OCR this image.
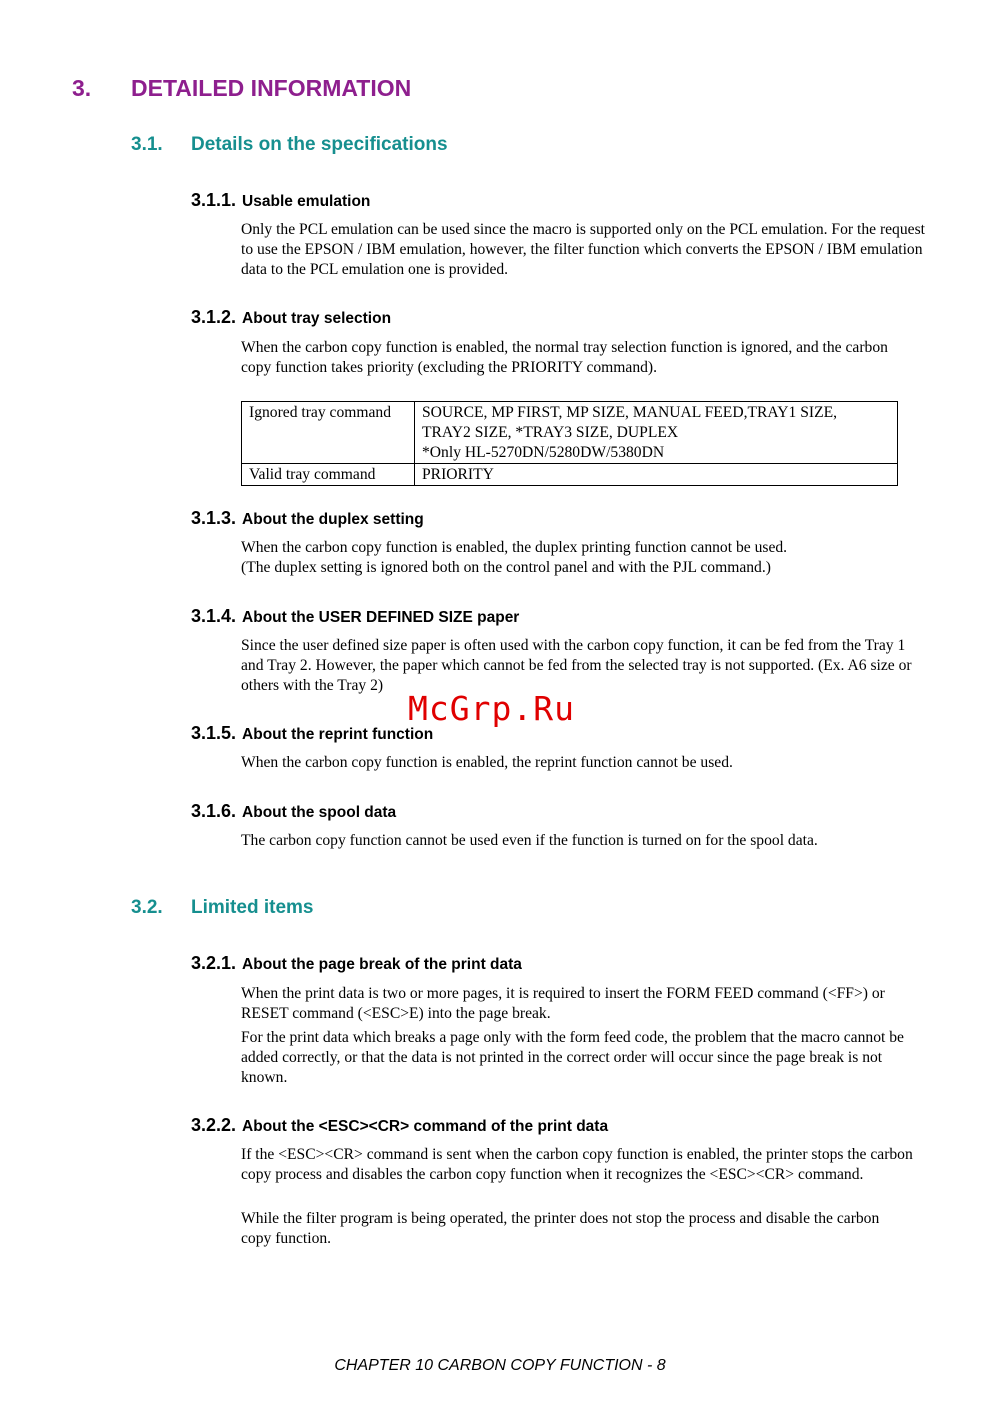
3. DETAILED INFORMATION
3.1. Details on the specifications
3.1.1. Usable emulation

Only the PCL emulation can be used since the macro is supported only on the PCL emulation. For the request to use the EPSON / IBM emulation, however, the filter function which converts the EPSON / IBM emulation data to the PCL emulation one is provided.

3.1.2. About tray selection

When the carbon copy function is enabled, the normal tray selection function is ignored, and the carbon copy function takes priority (excluding the PRIORITY command).

Ignored tray command	SOURCE, MP FIRST, MP SIZE, MANUAL FEED,TRAY1 SIZE,
TRAY2 SIZE, *TRAY3 SIZE, DUPLEX
*Only HL-5270DN/5280DW/5380DN

Valid tray command	PRIORITY
3.1.3. About the duplex setting
When the carbon copy function is enabled, the duplex printing function cannot be used.
(The duplex setting is ignored both on the control panel and with the PJL command.)
3.1.4. About the USER DEFINED SIZE paper

Since the user defined size paper is often used with the carbon copy function, it can be fed from the Tray 1 and Tray 2. However, the paper which cannot be fed from the selected tray is not supported. (Ex. A6 size or others with the Tray 2)

McGrp.Ru
3.1.5. About the reprint function

When the carbon copy function is enabled, the reprint function cannot be used.

3.1.6. About the spool data

The carbon copy function cannot be used even if the function is turned on for the spool data.

3.2. Limited items
3.2.1. About the page break of the print data

When the print data is two or more pages, it is required to insert the FORM FEED command (<FF>) or RESET command (<ESC>E) into the page break.

For the print data which breaks a page only with the form feed code, the problem that the macro cannot be added correctly, or that the data is not printed in the correct order will occur since the page break is not known.

3.2.2. About the <ESC><CR> command of the print data

If the <ESC><CR> command is sent when the carbon copy function is enabled, the printer stops the carbon copy process and disables the carbon copy function when it recognizes the <ESC><CR> command.

While the filter program is being operated, the printer does not stop the process and disable the carbon copy function.

CHAPTER 10 CARBON COPY FUNCTION - 8
